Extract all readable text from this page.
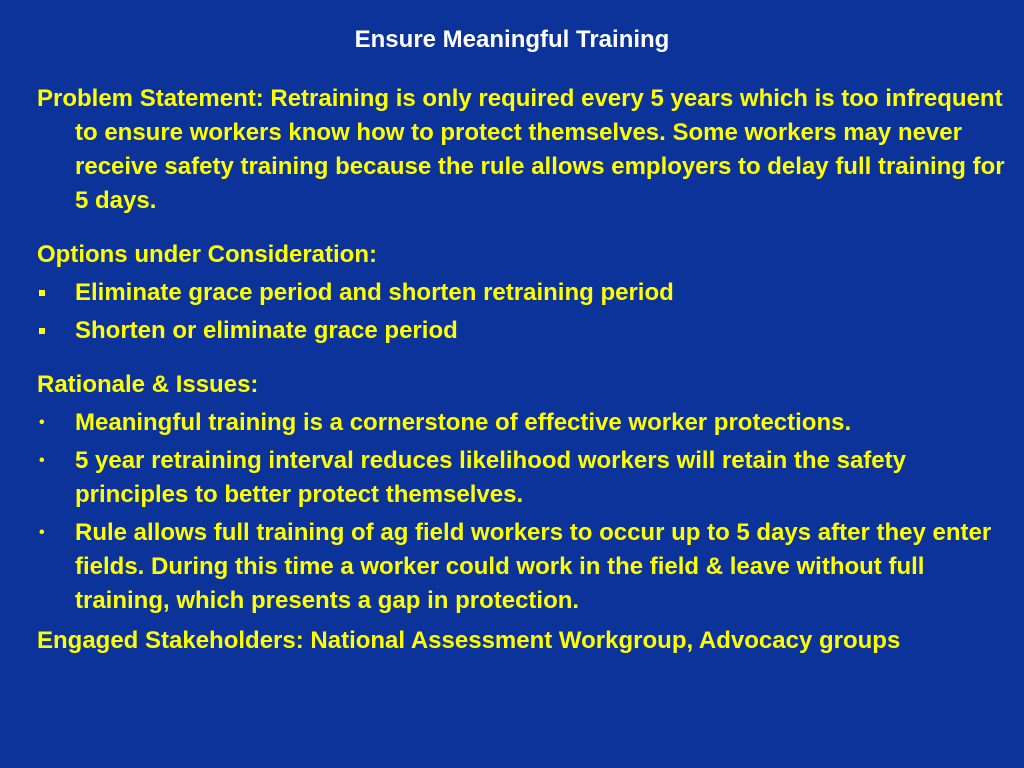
Ensure Meaningful Training

Problem Statement: Retraining is only required every 5 years which is too infrequent to ensure workers know how to protect themselves. Some workers may never receive safety training because the rule allows employers to delay full training for 5 days.

Options under Consideration:

Eliminate grace period and shorten retraining period
Shorten or eliminate grace period

Rationale & Issues:

•	Meaningful training is a cornerstone of effective worker protections.
•	5 year retraining interval reduces likelihood workers will retain the safety principles to better protect themselves.
•	Rule allows full training of ag field workers to occur up to 5 days after they enter fields. During this time a worker could work in the field & leave without full training, which presents a gap in protection.

Engaged Stakeholders: National Assessment Workgroup, Advocacy groups
